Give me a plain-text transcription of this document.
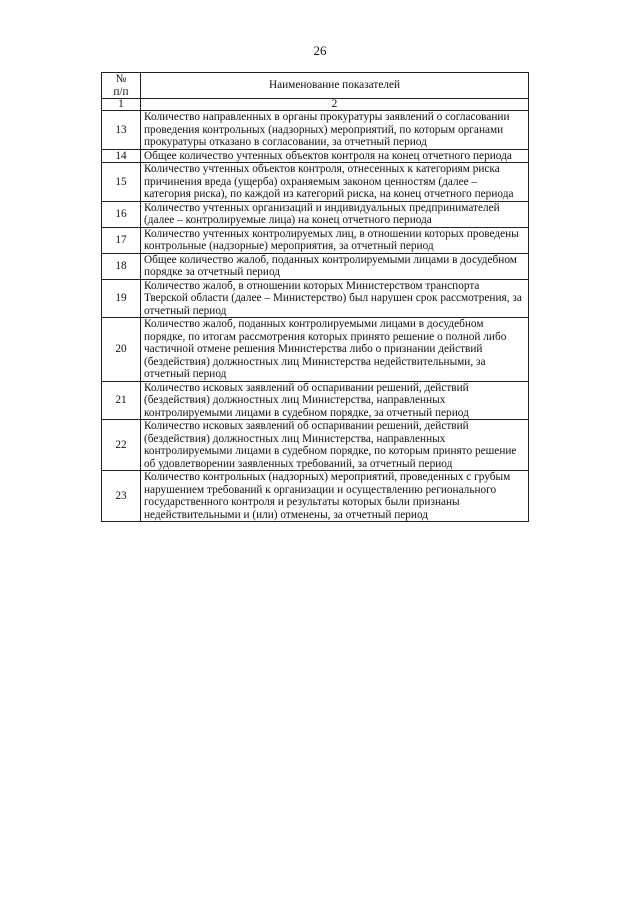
26
№
п/п	Наименование показателей
1	2
13	Количество направленных в органы прокуратуры заявлений о согласовании проведения контрольных (надзорных) мероприятий, по которым органами прокуратуры отказано в согласовании, за отчетный период
14	Общее количество учтенных объектов контроля на конец отчетного периода
15	Количество учтенных объектов контроля, отнесенных к категориям риска причинения вреда (ущерба) охраняемым законом ценностям (далее – категория риска), по каждой из категорий риска, на конец отчетного периода
16	Количество учтенных организаций и индивидуальных предпринимателей (далее – контролируемые лица) на конец отчетного периода
17	Количество учтенных контролируемых лиц, в отношении которых проведены контрольные (надзорные) мероприятия, за отчетный период
18	Общее количество жалоб, поданных контролируемыми лицами в досудебном порядке за отчетный период
19	Количество жалоб, в отношении которых Министерством транспорта Тверской области (далее – Министерство) был нарушен срок рассмотрения, за отчетный период
20	Количество жалоб, поданных контролируемыми лицами в досудебном порядке, по итогам рассмотрения которых принято решение о полной либо частичной отмене решения Министерства либо о признании действий (бездействия) должностных лиц Министерства недействительными, за отчетный период
21	Количество исковых заявлений об оспаривании решений, действий (бездействия) должностных лиц Министерства, направленных контролируемыми лицами в судебном порядке, за отчетный период
22	Количество исковых заявлений об оспаривании решений, действий (бездействия) должностных лиц Министерства, направленных контролируемыми лицами в судебном порядке, по которым принято решение об удовлетворении заявленных требований, за отчетный период
23	Количество контрольных (надзорных) мероприятий, проведенных с грубым нарушением требований к организации и осуществлению регионального государственного контроля и результаты которых были признаны недействительными и (или) отменены, за отчетный период
